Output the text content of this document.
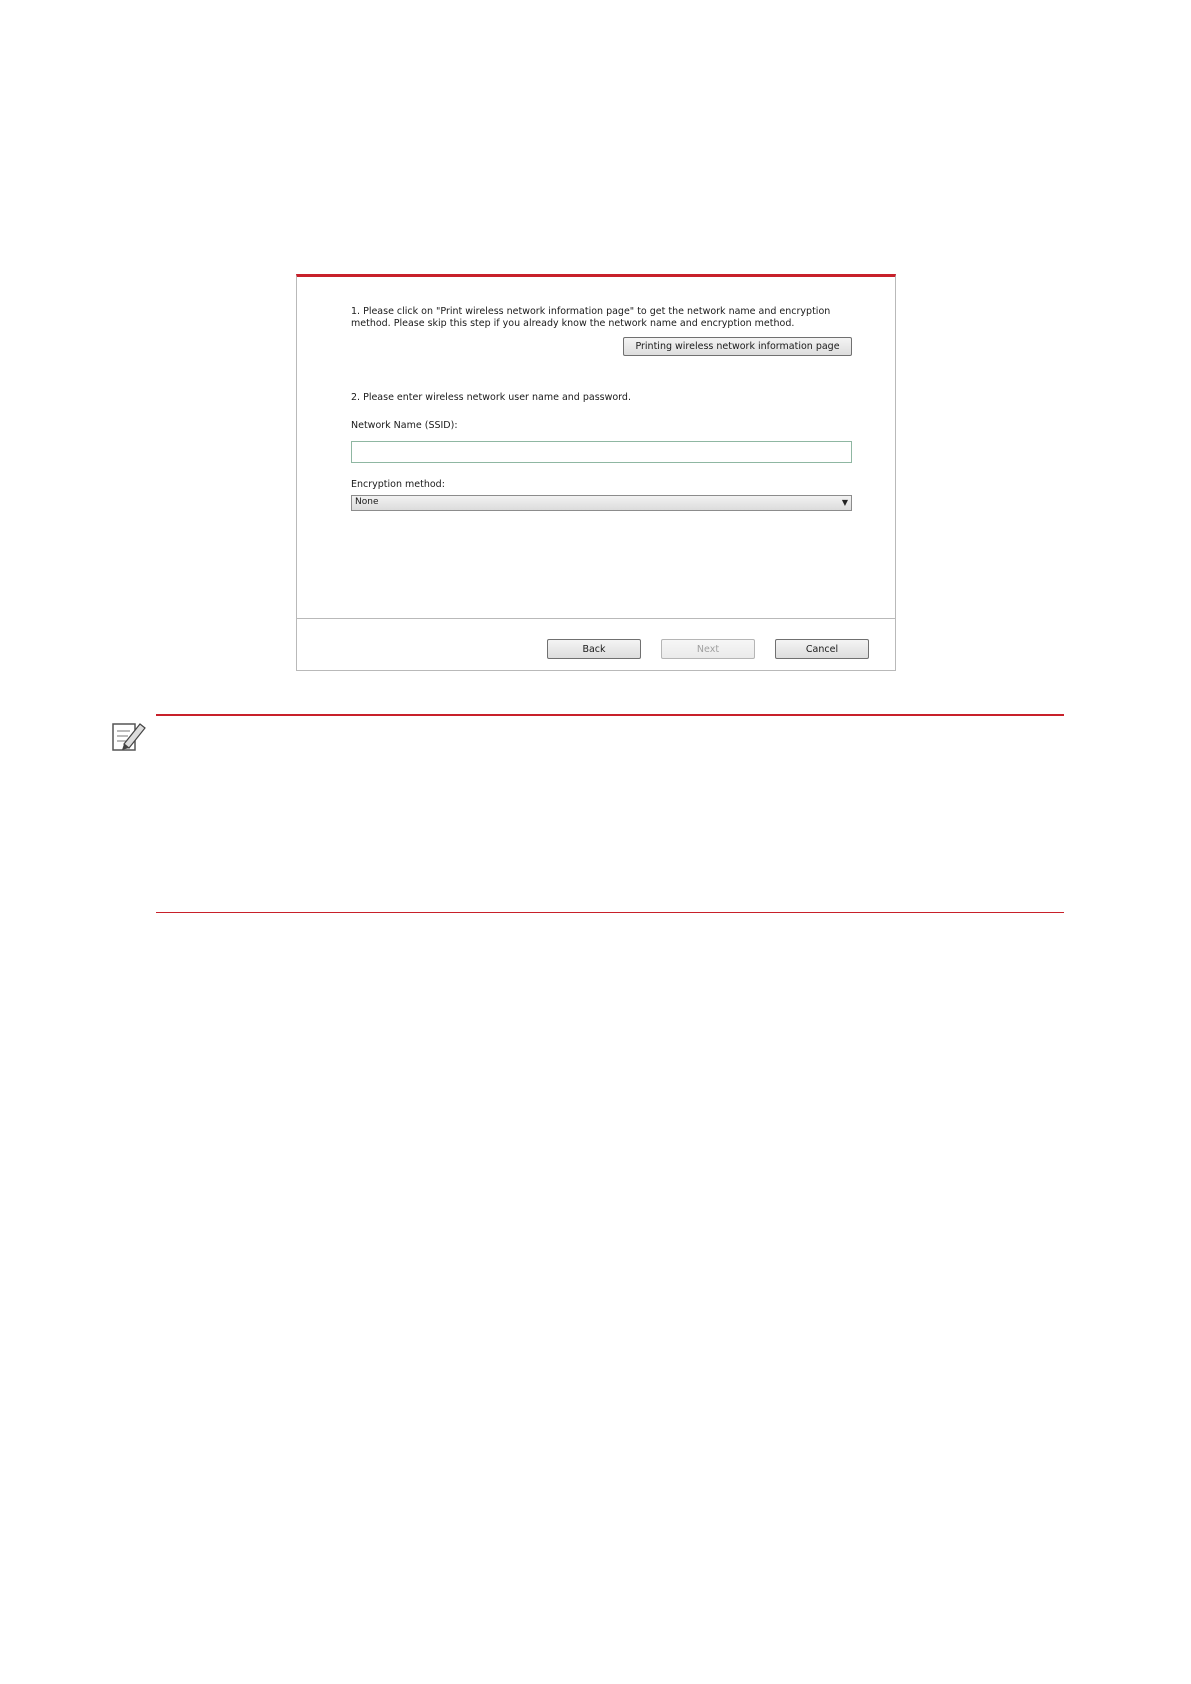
1. Please click on "Print wireless network information page" to get the network name and encryption method. Please skip this step if you already know the network name and encryption method.
Printing wireless network information page
2. Please enter wireless network user name and password.
Network Name (SSID):
Encryption method:
None	▼
Back	Next	Cancel
